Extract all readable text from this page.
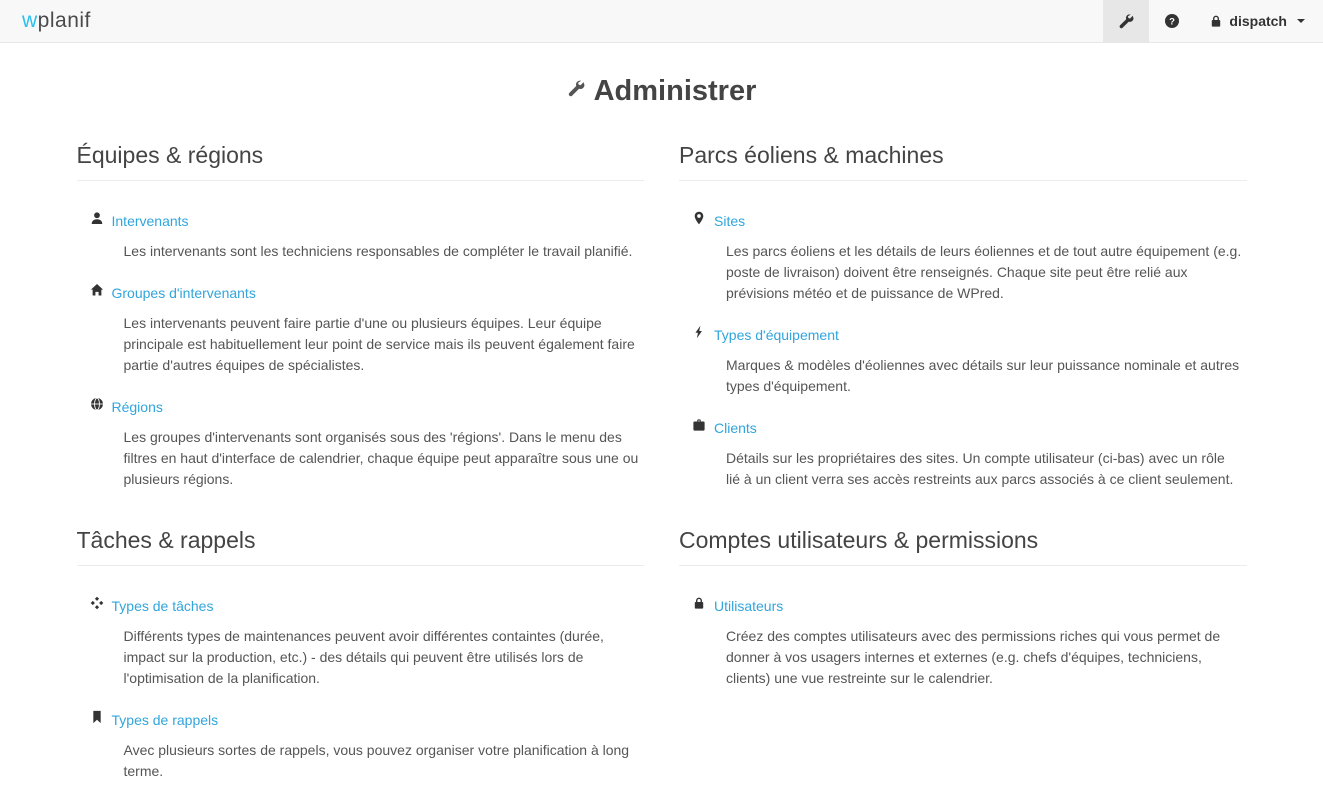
w planif	?	dispatch
Administrer
Équipes & régions
Intervenants

Les intervenants sont les techniciens responsables de compléter le travail planifié.

Groupes d'intervenants

Les intervenants peuvent faire partie d'une ou plusieurs équipes. Leur équipe principale est habituellement leur point de service mais ils peuvent également faire partie d'autres équipes de spécialistes.

Régions

Les groupes d'intervenants sont organisés sous des 'régions'. Dans le menu des filtres en haut d'interface de calendrier, chaque équipe peut apparaître sous une ou plusieurs régions.

Parcs éoliens & machines
Sites

Les parcs éoliens et les détails de leurs éoliennes et de tout autre équipement (e.g. poste de livraison) doivent être renseignés. Chaque site peut être relié aux prévisions météo et de puissance de WPred.

Types d'équipement

Marques & modèles d'éoliennes avec détails sur leur puissance nominale et autres types d'équipement.

Clients

Détails sur les propriétaires des sites. Un compte utilisateur (ci-bas) avec un rôle lié à un client verra ses accès restreints aux parcs associés à ce client seulement.

Tâches & rappels
Types de tâches

Différents types de maintenances peuvent avoir différentes containtes (durée, impact sur la production, etc.) - des détails qui peuvent être utilisés lors de l'optimisation de la planification.

Types de rappels

Avec plusieurs sortes de rappels, vous pouvez organiser votre planification à long terme.

Comptes utilisateurs & permissions
Utilisateurs

Créez des comptes utilisateurs avec des permissions riches qui vous permet de donner à vos usagers internes et externes (e.g. chefs d'équipes, techniciens, clients) une vue restreinte sur le calendrier.
